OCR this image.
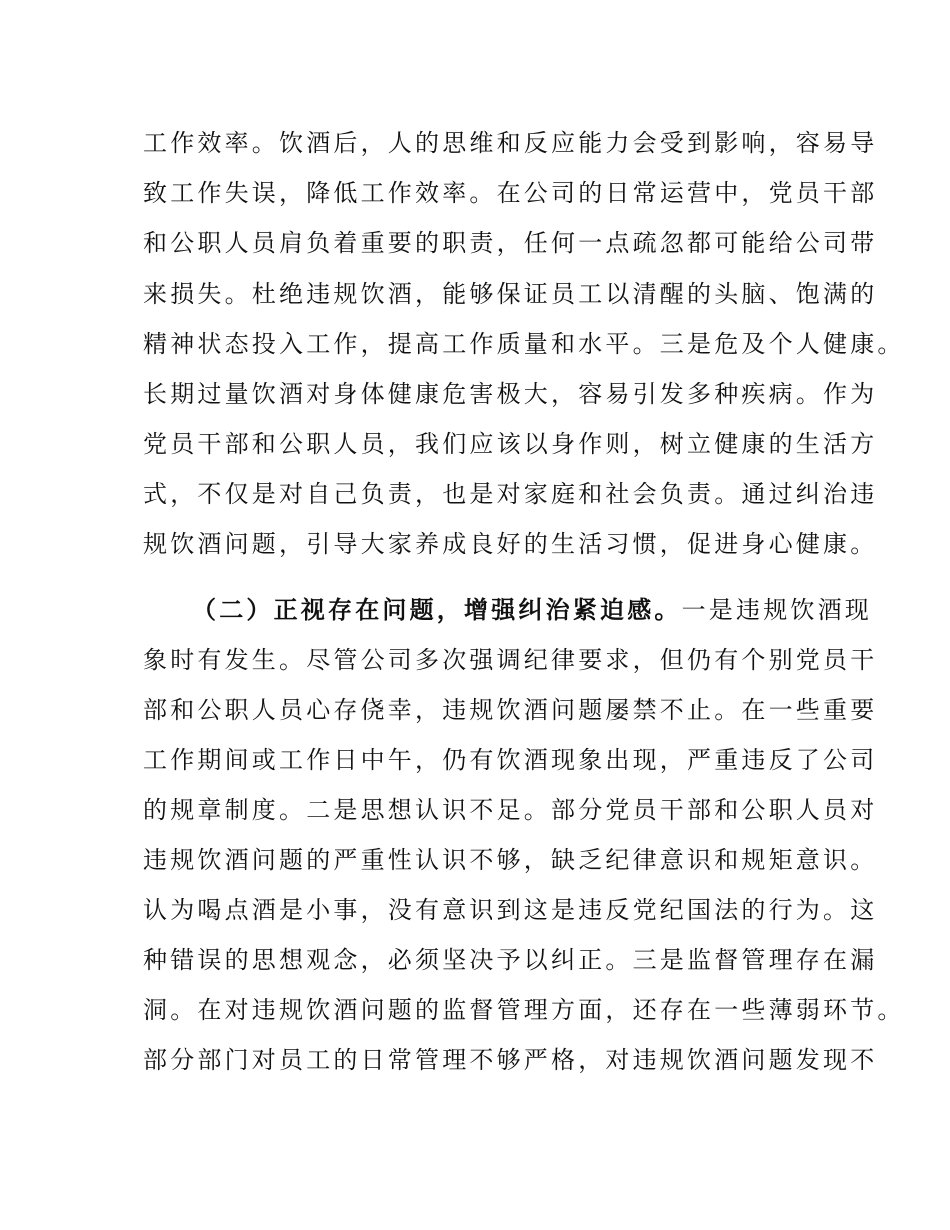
工作效率。饮酒后，人的思维和反应能力会受到影响，容易导
致工作失误，降低工作效率。在公司的日常运营中，党员干部
和公职人员肩负着重要的职责，任何一点疏忽都可能给公司带
来损失。杜绝违规饮酒，能够保证员工以清醒的头脑、饱满的
精神状态投入工作，提高工作质量和水平。三是危及个人健康。
长期过量饮酒对身体健康危害极大，容易引发多种疾病。作为
党员干部和公职人员，我们应该以身作则，树立健康的生活方
式，不仅是对自己负责，也是对家庭和社会负责。通过纠治违
规饮酒问题，引导大家养成良好的生活习惯，促进身心健康。
（二）正视存在问题，增强纠治紧迫感。一是违规饮酒现
象时有发生。尽管公司多次强调纪律要求，但仍有个别党员干
部和公职人员心存侥幸，违规饮酒问题屡禁不止。在一些重要
工作期间或工作日中午，仍有饮酒现象出现，严重违反了公司
的规章制度。二是思想认识不足。部分党员干部和公职人员对
违规饮酒问题的严重性认识不够，缺乏纪律意识和规矩意识。
认为喝点酒是小事，没有意识到这是违反党纪国法的行为。这
种错误的思想观念，必须坚决予以纠正。三是监督管理存在漏
洞。在对违规饮酒问题的监督管理方面，还存在一些薄弱环节。
部分部门对员工的日常管理不够严格，对违规饮酒问题发现不
